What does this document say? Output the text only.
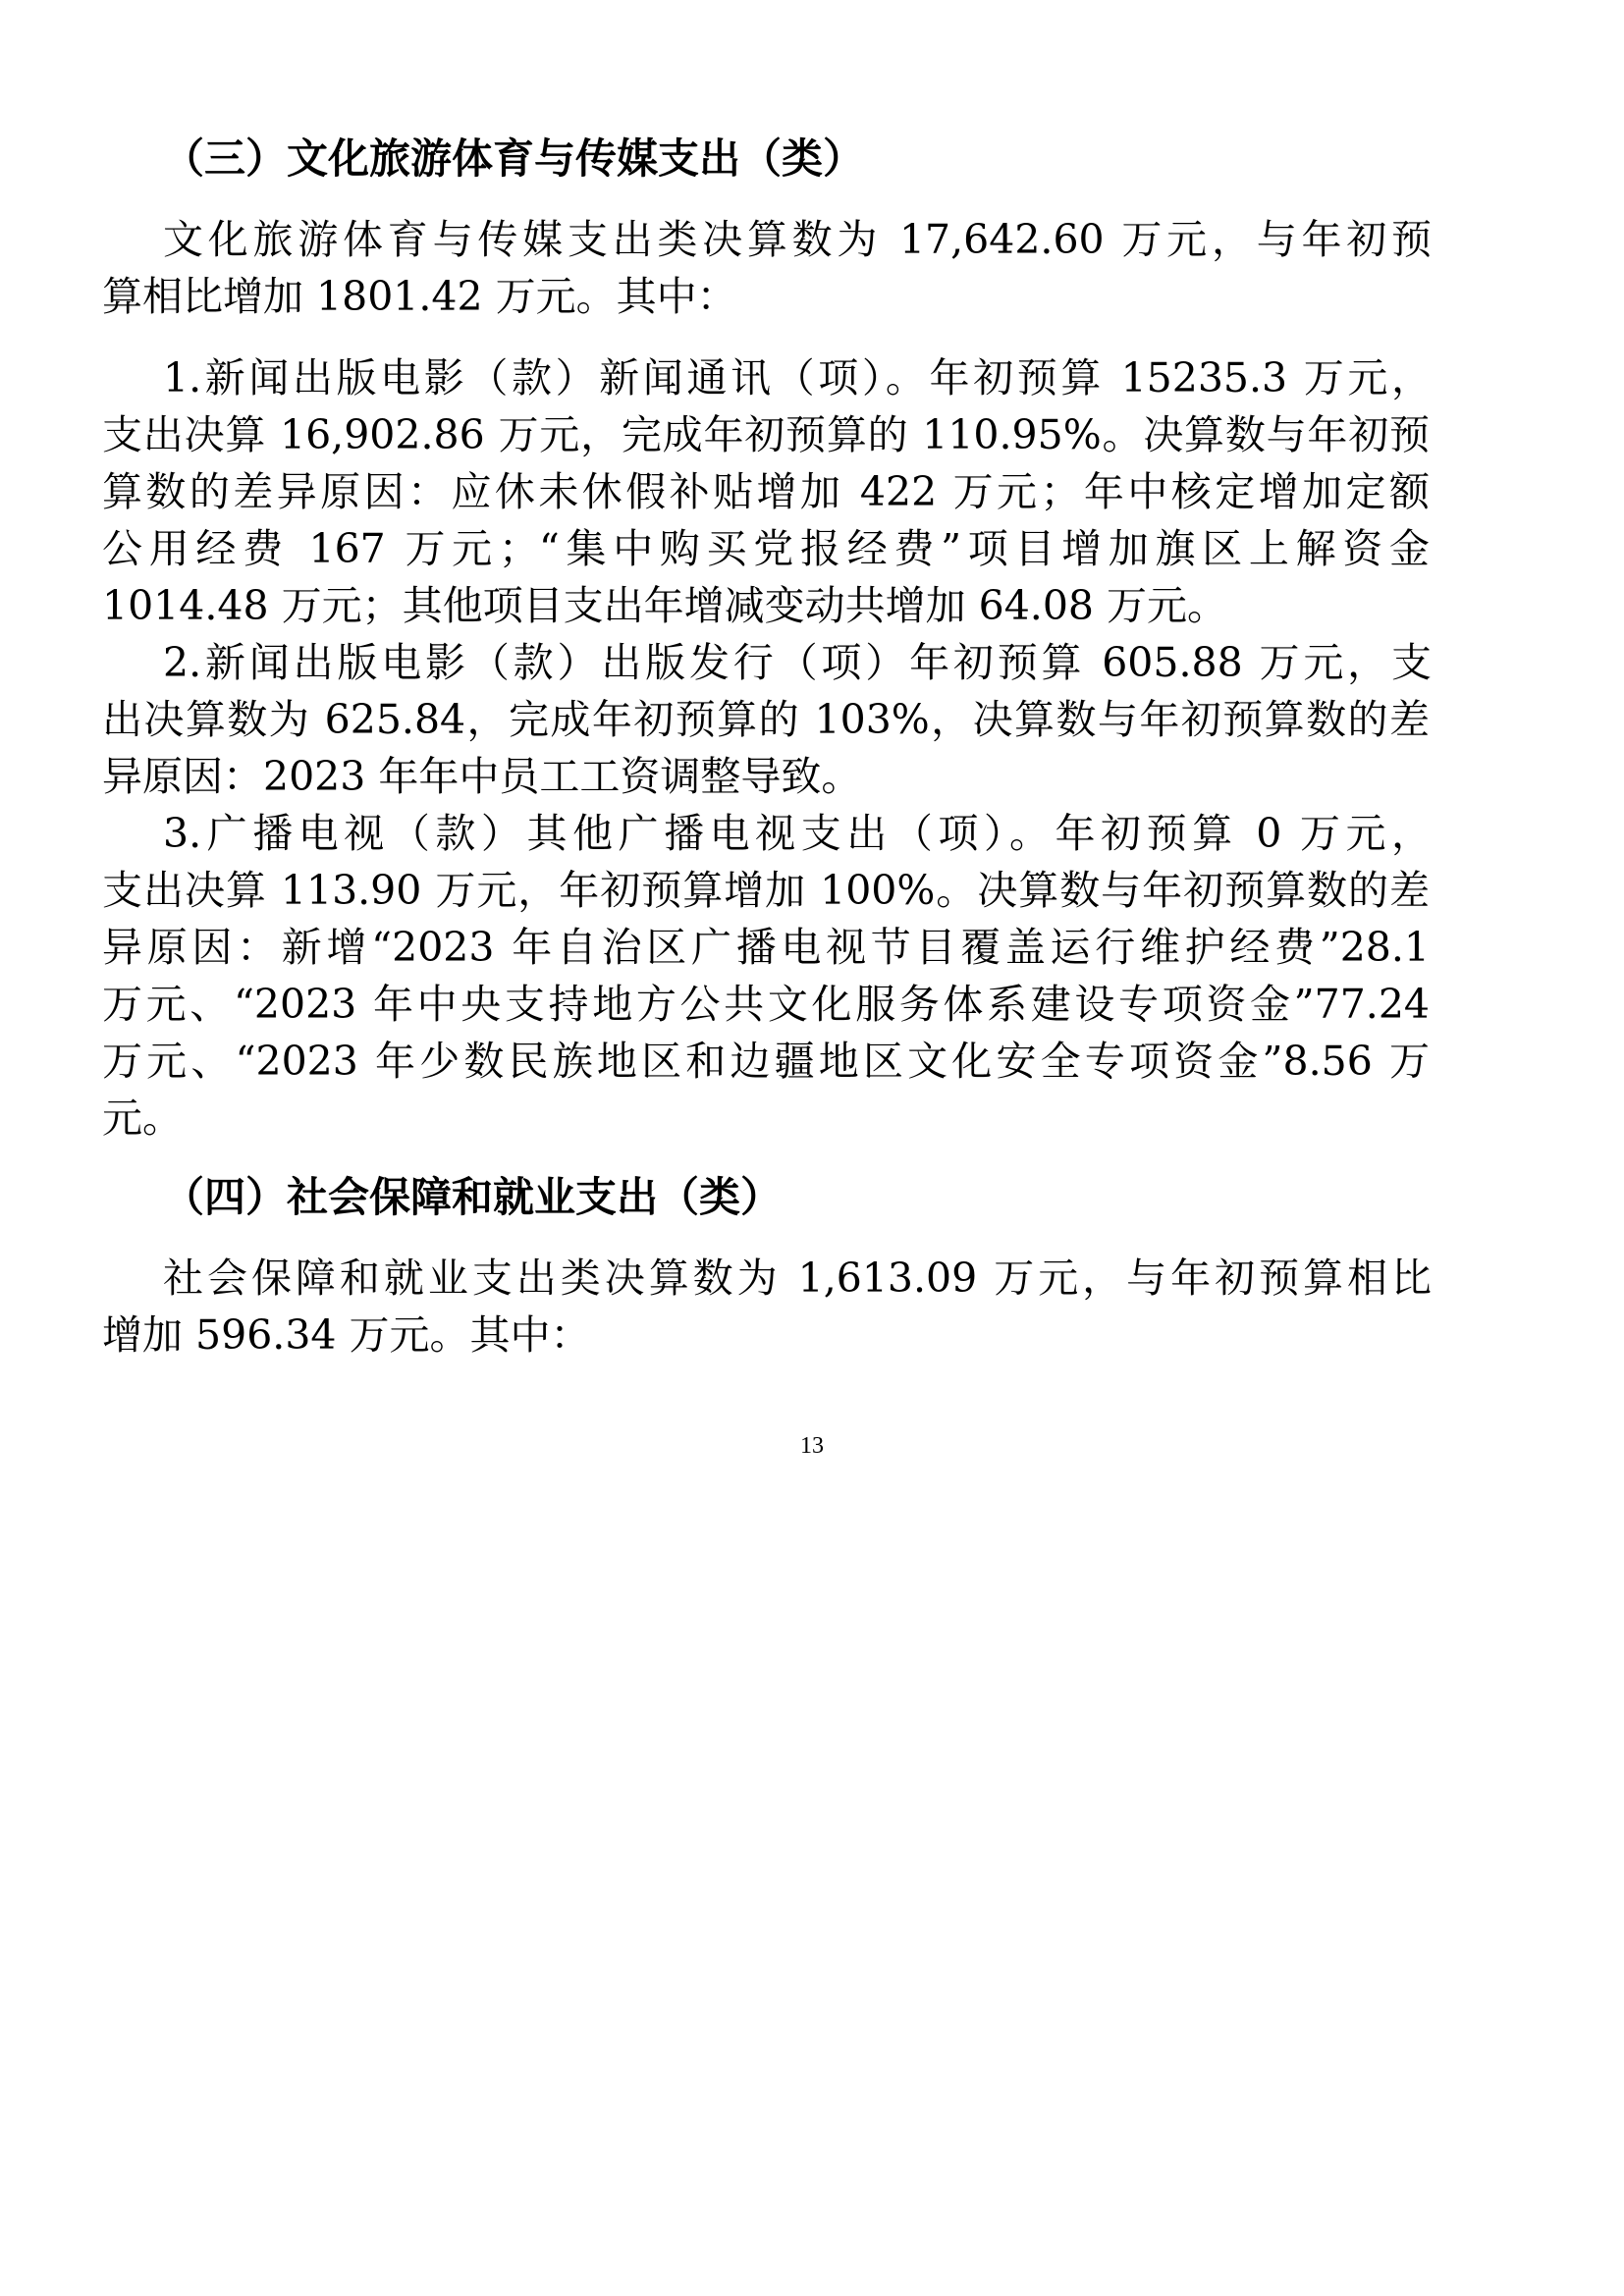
（三）文化旅游体育与传媒支出（类）

文化旅游体育与传媒支出类决算数为 17,642.60 万元，与年初预

算相比增加 1801.42 万元。其中：

1.新闻出版电影（款）新闻通讯（项）。年初预算 15235.3 万元，

支出决算 16,902.86 万元，完成年初预算的 110.95%。决算数与年初预

算数的差异原因：应休未休假补贴增加 422 万元；年中核定增加定额

公用经费 167 万元；“集中购买党报经费”项目增加旗区上解资金

1014.48 万元；其他项目支出年增减变动共增加 64.08 万元。

2.新闻出版电影（款）出版发行（项）年初预算 605.88 万元，支

出决算数为 625.84，完成年初预算的 103%，决算数与年初预算数的差

异原因：2023 年年中员工工资调整导致。

3.广播电视（款）其他广播电视支出（项）。年初预算 0 万元，

支出决算 113.90 万元，年初预算增加 100%。决算数与年初预算数的差

异原因：新增“2023 年自治区广播电视节目覆盖运行维护经费”28.1

万元、“2023 年中央支持地方公共文化服务体系建设专项资金”77.24

万元、“2023 年少数民族地区和边疆地区文化安全专项资金”8.56 万

元。

（四）社会保障和就业支出（类）

社会保障和就业支出类决算数为 1,613.09 万元，与年初预算相比

增加 596.34 万元。其中：

13
